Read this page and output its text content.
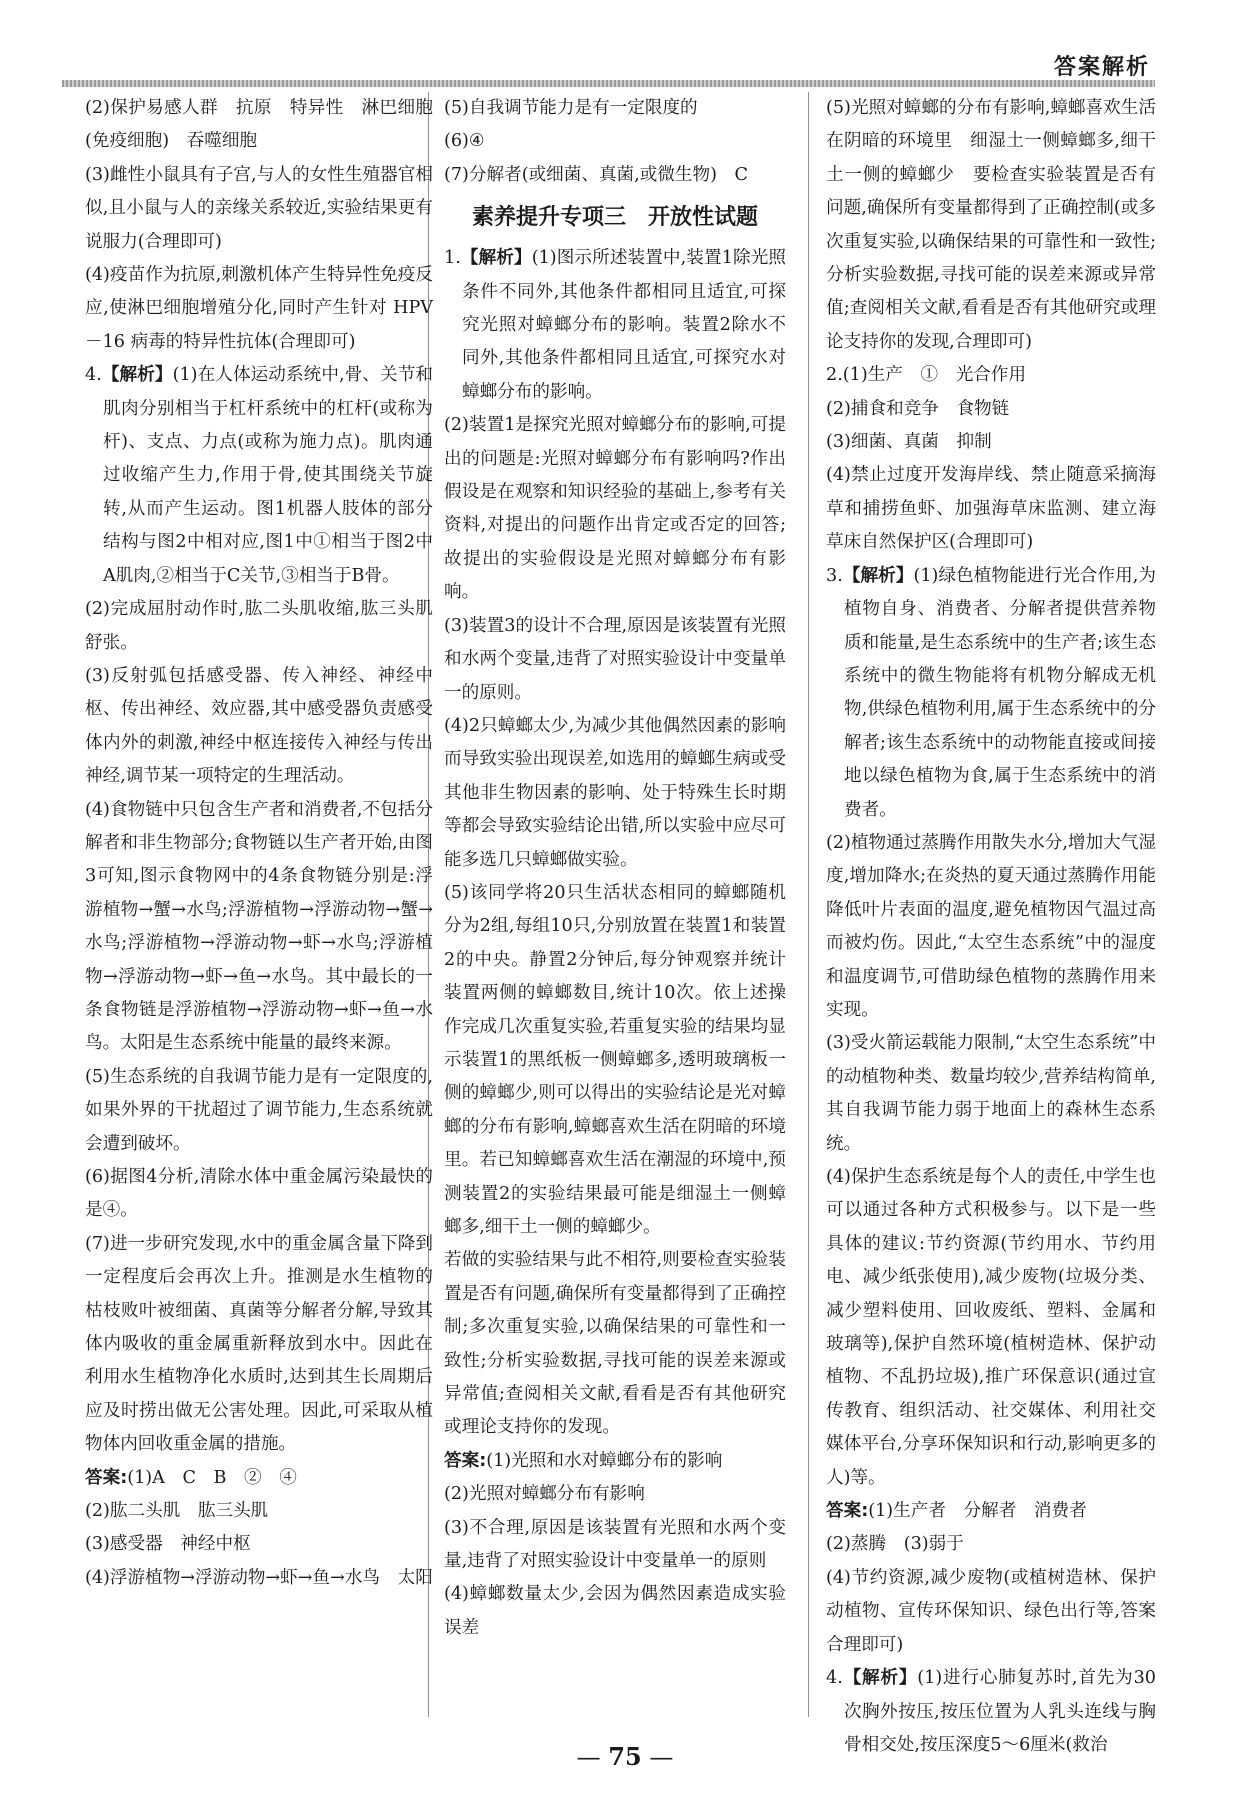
答案解析

(2)保护易感人群　抗原　特异性　淋巴细胞(免疫细胞)　吞噬细胞

(3)雌性小鼠具有子宫,与人的女性生殖器官相似,且小鼠与人的亲缘关系较近,实验结果更有说服力(合理即可)

(4)疫苗作为抗原,刺激机体产生特异性免疫反应,使淋巴细胞增殖分化,同时产生针对 HPV－16 病毒的特异性抗体(合理即可)

4.【解析】(1)在人体运动系统中,骨、关节和肌肉分别相当于杠杆系统中的杠杆(或称为杆)、支点、力点(或称为施力点)。肌肉通过收缩产生力,作用于骨,使其围绕关节旋转,从而产生运动。图1机器人肢体的部分结构与图2中相对应,图1中①相当于图2中A肌肉,②相当于C关节,③相当于B骨。

(2)完成屈肘动作时,肱二头肌收缩,肱三头肌舒张。

(3)反射弧包括感受器、传入神经、神经中枢、传出神经、效应器,其中感受器负责感受体内外的刺激,神经中枢连接传入神经与传出神经,调节某一项特定的生理活动。

(4)食物链中只包含生产者和消费者,不包括分解者和非生物部分;食物链以生产者开始,由图3可知,图示食物网中的4条食物链分别是:浮游植物→蟹→水鸟;浮游植物→浮游动物→蟹→水鸟;浮游植物→浮游动物→虾→水鸟;浮游植物→浮游动物→虾→鱼→水鸟。其中最长的一条食物链是浮游植物→浮游动物→虾→鱼→水鸟。太阳是生态系统中能量的最终来源。

(5)生态系统的自我调节能力是有一定限度的,如果外界的干扰超过了调节能力,生态系统就会遭到破坏。

(6)据图4分析,清除水体中重金属污染最快的是④。

(7)进一步研究发现,水中的重金属含量下降到一定程度后会再次上升。推测是水生植物的枯枝败叶被细菌、真菌等分解者分解,导致其体内吸收的重金属重新释放到水中。因此在利用水生植物净化水质时,达到其生长周期后应及时捞出做无公害处理。因此,可采取从植物体内回收重金属的措施。

答案:(1)A　C　B　②　④

(2)肱二头肌　肱三头肌

(3)感受器　神经中枢

(4)浮游植物→浮游动物→虾→鱼→水鸟　太阳

(5)自我调节能力是有一定限度的

(6)④

(7)分解者(或细菌、真菌,或微生物)　C

素养提升专项三　开放性试题

1.【解析】(1)图示所述装置中,装置1除光照条件不同外,其他条件都相同且适宜,可探究光照对蟑螂分布的影响。装置2除水不同外,其他条件都相同且适宜,可探究水对蟑螂分布的影响。

(2)装置1是探究光照对蟑螂分布的影响,可提出的问题是:光照对蟑螂分布有影响吗?作出假设是在观察和知识经验的基础上,参考有关资料,对提出的问题作出肯定或否定的回答;故提出的实验假设是光照对蟑螂分布有影响。

(3)装置3的设计不合理,原因是该装置有光照和水两个变量,违背了对照实验设计中变量单一的原则。

(4)2只蟑螂太少,为减少其他偶然因素的影响而导致实验出现误差,如选用的蟑螂生病或受其他非生物因素的影响、处于特殊生长时期等都会导致实验结论出错,所以实验中应尽可能多选几只蟑螂做实验。

(5)该同学将20只生活状态相同的蟑螂随机分为2组,每组10只,分别放置在装置1和装置2的中央。静置2分钟后,每分钟观察并统计装置两侧的蟑螂数目,统计10次。依上述操作完成几次重复实验,若重复实验的结果均显示装置1的黑纸板一侧蟑螂多,透明玻璃板一侧的蟑螂少,则可以得出的实验结论是光对蟑螂的分布有影响,蟑螂喜欢生活在阴暗的环境里。若已知蟑螂喜欢生活在潮湿的环境中,预测装置2的实验结果最可能是细湿土一侧蟑螂多,细干土一侧的蟑螂少。

若做的实验结果与此不相符,则要检查实验装置是否有问题,确保所有变量都得到了正确控制;多次重复实验,以确保结果的可靠性和一致性;分析实验数据,寻找可能的误差来源或异常值;查阅相关文献,看看是否有其他研究或理论支持你的发现。

答案:(1)光照和水对蟑螂分布的影响

(2)光照对蟑螂分布有影响

(3)不合理,原因是该装置有光照和水两个变量,违背了对照实验设计中变量单一的原则

(4)蟑螂数量太少,会因为偶然因素造成实验误差

(5)光照对蟑螂的分布有影响,蟑螂喜欢生活在阴暗的环境里　细湿土一侧蟑螂多,细干土一侧的蟑螂少　要检查实验装置是否有问题,确保所有变量都得到了正确控制(或多次重复实验,以确保结果的可靠性和一致性;分析实验数据,寻找可能的误差来源或异常值;查阅相关文献,看看是否有其他研究或理论支持你的发现,合理即可)

2.(1)生产　①　光合作用

(2)捕食和竞争　食物链

(3)细菌、真菌　抑制

(4)禁止过度开发海岸线、禁止随意采摘海草和捕捞鱼虾、加强海草床监测、建立海草床自然保护区(合理即可)

3.【解析】(1)绿色植物能进行光合作用,为植物自身、消费者、分解者提供营养物质和能量,是生态系统中的生产者;该生态系统中的微生物能将有机物分解成无机物,供绿色植物利用,属于生态系统中的分解者;该生态系统中的动物能直接或间接地以绿色植物为食,属于生态系统中的消费者。

(2)植物通过蒸腾作用散失水分,增加大气湿度,增加降水;在炎热的夏天通过蒸腾作用能降低叶片表面的温度,避免植物因气温过高而被灼伤。因此,“太空生态系统”中的湿度和温度调节,可借助绿色植物的蒸腾作用来实现。

(3)受火箭运载能力限制,“太空生态系统”中的动植物种类、数量均较少,营养结构简单,其自我调节能力弱于地面上的森林生态系统。

(4)保护生态系统是每个人的责任,中学生也可以通过各种方式积极参与。以下是一些具体的建议:节约资源(节约用水、节约用电、减少纸张使用),减少废物(垃圾分类、减少塑料使用、回收废纸、塑料、金属和玻璃等),保护自然环境(植树造林、保护动植物、不乱扔垃圾),推广环保意识(通过宣传教育、组织活动、社交媒体、利用社交媒体平台,分享环保知识和行动,影响更多的人)等。

答案:(1)生产者　分解者　消费者

(2)蒸腾　(3)弱于

(4)节约资源,减少废物(或植树造林、保护动植物、宣传环保知识、绿色出行等,答案合理即可)

4.【解析】(1)进行心肺复苏时,首先为30次胸外按压,按压位置为人乳头连线与胸骨相交处,按压深度5～6厘米(救治

— 75 —
